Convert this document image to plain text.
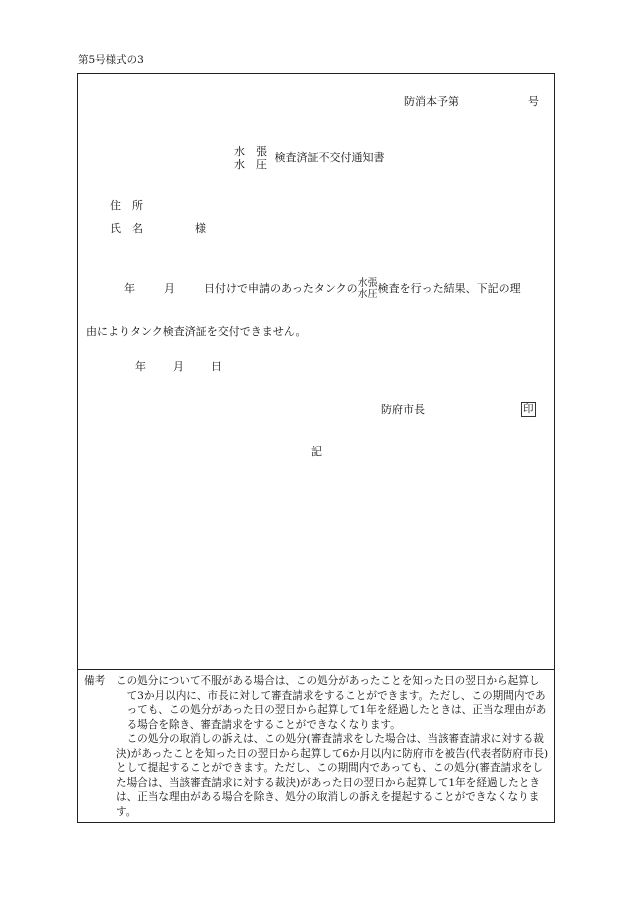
第5号様式の3
防消本予第	号
水　張
水　圧
検査済証不交付通知書
住　所
氏　名	様
年	月	日付けで申請のあったタンクの 水張
水圧 検査を行った結果、下記の理
由によりタンク検査済証を交付できません。
年 月 日
防府市長	印
記
備考	この処分について不服がある場合は、この処分があったことを知った日の翌日から起算して3か月以内に、市長に対して審査請求をすることができます。ただし、この期間内であっても、この処分があった日の翌日から起算して1年を経過したときは、正当な理由がある場合を除き、審査請求をすることができなくなります。
この処分の取消しの訴えは、この処分(審査請求をした場合は、当該審査請求に対する裁決)があったことを知った日の翌日から起算して6か月以内に防府市を被告(代表者防府市長)として提起することができます。ただし、この期間内であっても、この処分(審査請求をした場合は、当該審査請求に対する裁決)があった日の翌日から起算して1年を経過したときは、正当な理由がある場合を除き、処分の取消しの訴えを提起することができなくなります。
